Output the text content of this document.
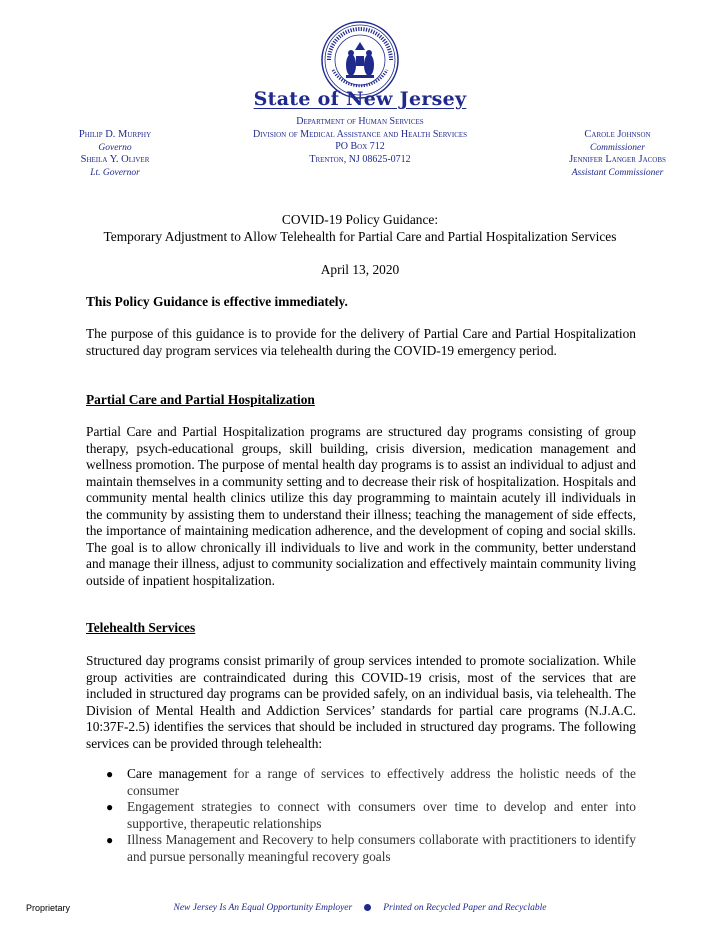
State of New Jersey
Department of Human Services
Division of Medical Assistance and Health Services
PO Box 712
Trenton, NJ 08625-0712
Philip D. Murphy
Governo
Sheila Y. Oliver
Lt. Governor
Carole Johnson
Commissioner
Jennifer Langer Jacobs
Assistant Commissioner
COVID-19 Policy Guidance:
Temporary Adjustment to Allow Telehealth for Partial Care and Partial Hospitalization Services
April 13, 2020
This Policy Guidance is effective immediately.

The purpose of this guidance is to provide for the delivery of Partial Care and Partial Hospitalization structured day program services via telehealth during the COVID-19 emergency period.

Partial Care and Partial Hospitalization

Partial Care and Partial Hospitalization programs are structured day programs consisting of group therapy, psych-educational groups, skill building, crisis diversion, medication management and wellness promotion. The purpose of mental health day programs is to assist an individual to adjust and maintain themselves in a community setting and to decrease their risk of hospitalization. Hospitals and community mental health clinics utilize this day programming to maintain acutely ill individuals in the community by assisting them to understand their illness; teaching the management of side effects, the importance of maintaining medication adherence, and the development of coping and social skills. The goal is to allow chronically ill individuals to live and work in the community, better understand and manage their illness, adjust to community socialization and effectively maintain community living outside of inpatient hospitalization.

Telehealth Services

Structured day programs consist primarily of group services intended to promote socialization. While group activities are contraindicated during this COVID-19 crisis, most of the services that are included in structured day programs can be provided safely, on an individual basis, via telehealth. The Division of Mental Health and Addiction Services’ standards for partial care programs (N.J.A.C. 10:37F-2.5) identifies the services that should be included in structured day programs. The following services can be provided through telehealth:

● Care management for a range of services to effectively address the holistic needs of the consumer
● Engagement strategies to connect with consumers over time to develop and enter into supportive, therapeutic relationships
● Illness Management and Recovery to help consumers collaborate with practitioners to identify and pursue personally meaningful recovery goals
Proprietary	New Jersey Is An Equal Opportunity Employer	Printed on Recycled Paper and Recyclable
